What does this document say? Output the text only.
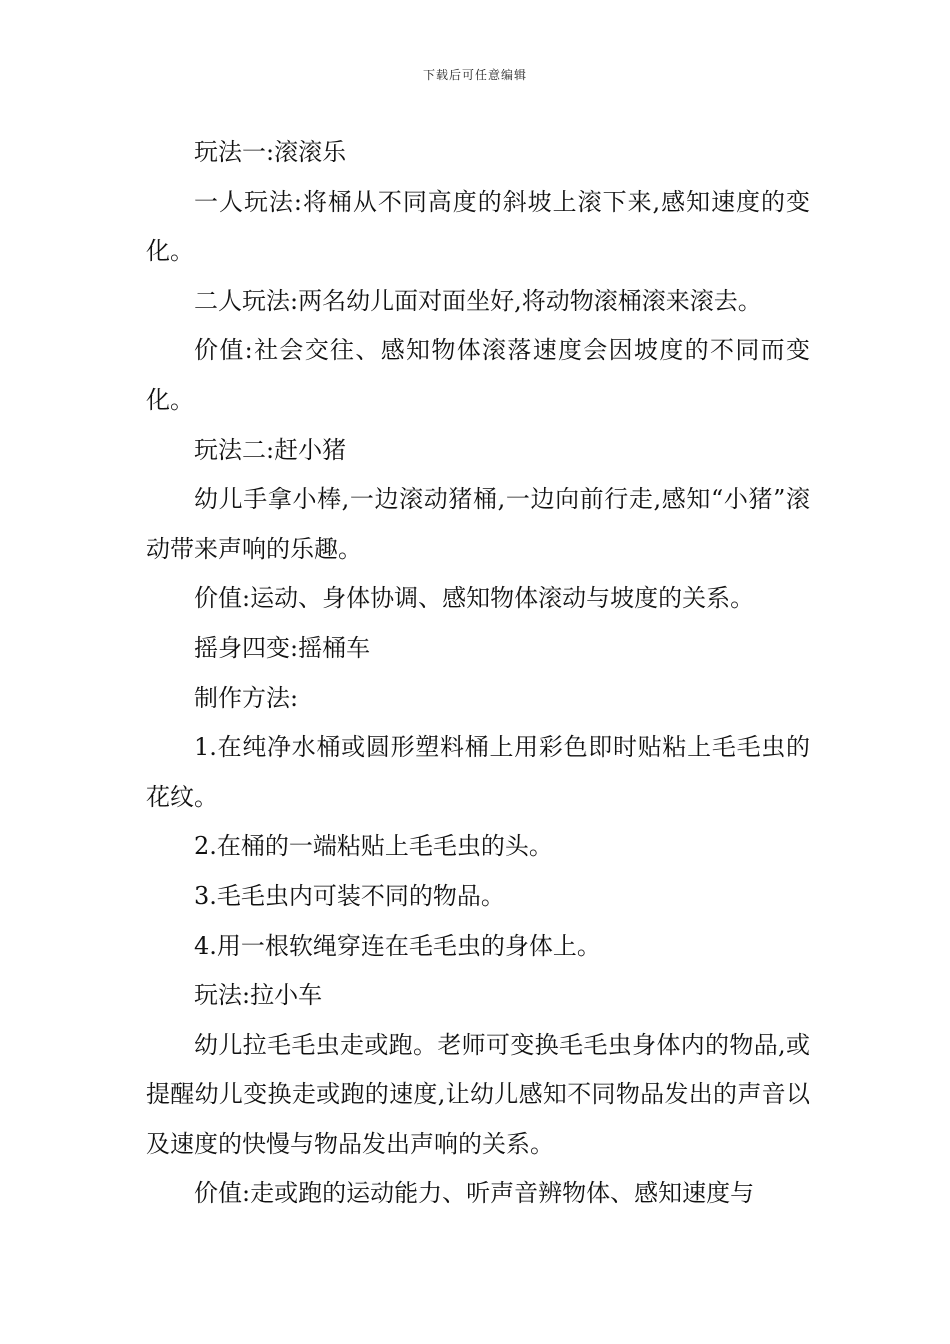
下载后可任意编辑

玩法一:滚滚乐

一人玩法:将桶从不同高度的斜坡上滚下来,感知速度的变化。

二人玩法:两名幼儿面对面坐好,将动物滚桶滚来滚去。

价值:社会交往、感知物体滚落速度会因坡度的不同而变化。

玩法二:赶小猪

幼儿手拿小棒,一边滚动猪桶,一边向前行走,感知“小猪”滚动带来声响的乐趣。

价值:运动、身体协调、感知物体滚动与坡度的关系。

摇身四变:摇桶车

制作方法:

1.在纯净水桶或圆形塑料桶上用彩色即时贴粘上毛毛虫的花纹。

2.在桶的一端粘贴上毛毛虫的头。

3.毛毛虫内可装不同的物品。

4.用一根软绳穿连在毛毛虫的身体上。

玩法:拉小车

幼儿拉毛毛虫走或跑。老师可变换毛毛虫身体内的物品,或提醒幼儿变换走或跑的速度,让幼儿感知不同物品发出的声音以及速度的快慢与物品发出声响的关系。

价值:走或跑的运动能力、听声音辨物体、感知速度与
